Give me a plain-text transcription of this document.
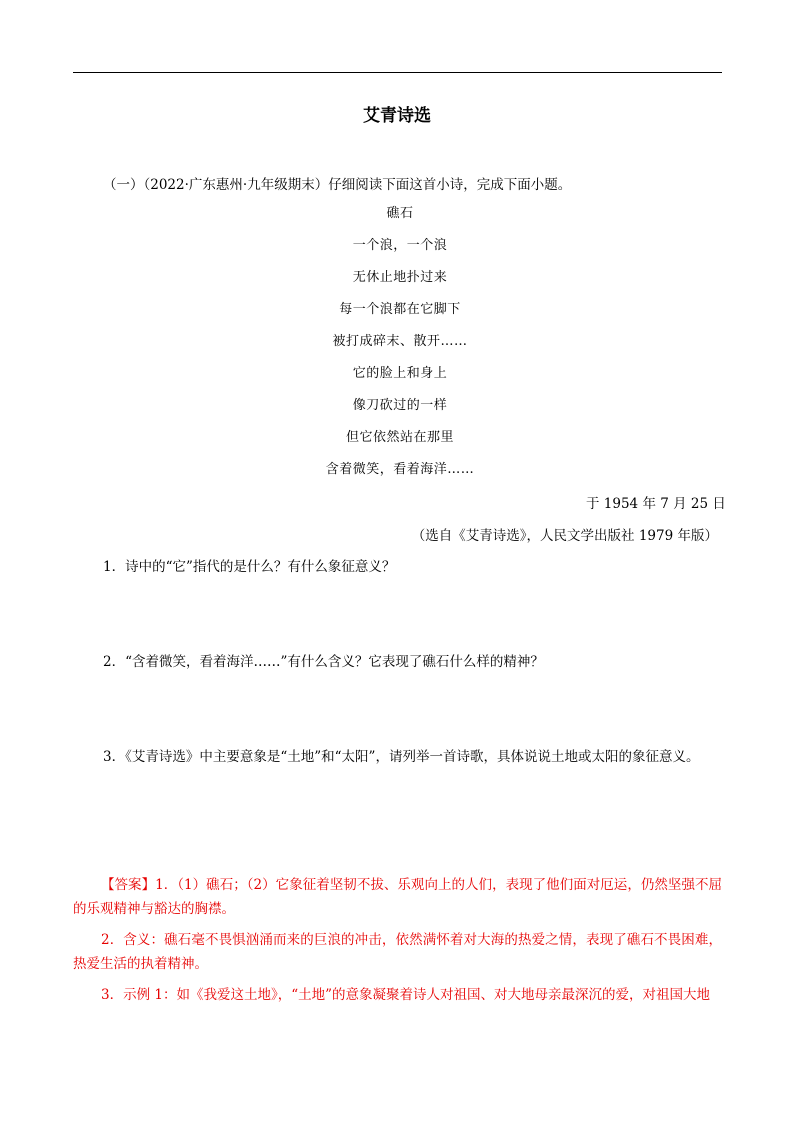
艾青诗选
（一）（2022·广东惠州·九年级期末）仔细阅读下面这首小诗，完成下面小题。
礁石
一个浪，一个浪
无休止地扑过来
每一个浪都在它脚下
被打成碎末、散开……
它的脸上和身上
像刀砍过的一样
但它依然站在那里
含着微笑，看着海洋……
于 1954 年 7 月 25 日
（选自《艾青诗选》，人民文学出版社 1979 年版）
1．诗中的“它”指代的是什么？有什么象征意义？
2．“含着微笑，看着海洋……”有什么含义？它表现了礁石什么样的精神？
3．《艾青诗选》中主要意象是“土地”和“太阳”，请列举一首诗歌，具体说说土地或太阳的象征意义。

【答案】1．（1）礁石；（2）它象征着坚韧不拔、乐观向上的人们，表现了他们面对厄运，仍然坚强不屈的乐观精神与豁达的胸襟。

2．含义：礁石毫不畏惧汹涌而来的巨浪的冲击，依然满怀着对大海的热爱之情，表现了礁石不畏困难，热爱生活的执着精神。

3．示例 1：如《我爱这土地》，“土地”的意象凝聚着诗人对祖国、对大地母亲最深沉的爱，对祖国大地
